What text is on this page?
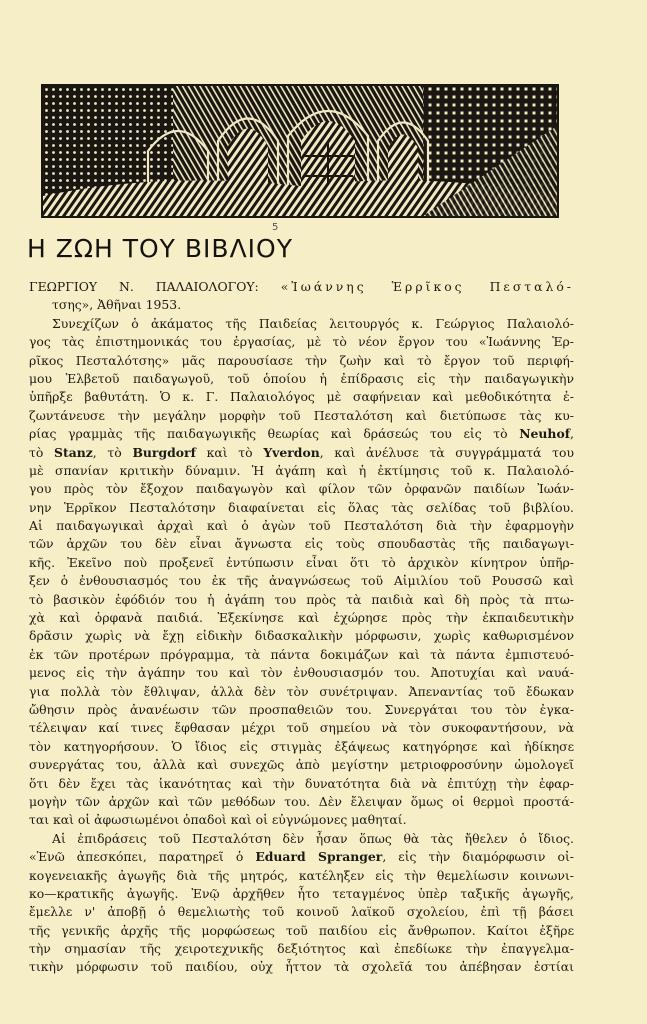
5
Η ΖΩΗ ΤΟΥ ΒΙΒΛΙΟΥ
ΓΕΩΡΓΙΟΥ Ν. ΠΑΛΑΙΟΛΟΓΟΥ: «Ἰωάννης Ἑρρῖκος Πεσταλό-
τσης», Ἀθῆναι 1953.
Συνεχίζων ὁ ἀκάματος τῆς Παιδείας λειτουργός κ. Γεώργιος Παλαιολό-
γος τὰς ἐπιστημονικάς του ἐργασίας, μὲ τὸ νέον ἔργον του «Ἰωάννης Ἑρ-
ρῖκος Πεσταλότσης» μᾶς παρουσίασε τὴν ζωὴν καὶ τὸ ἔργον τοῦ περιφή-
μου Ἐλβετοῦ παιδαγωγοῦ, τοῦ ὁποίου ἡ ἐπίδρασις εἰς τὴν παιδαγωγικὴν
ὑπῆρξε βαθυτάτη. Ὁ κ. Γ. Παλαιολόγος μὲ σαφήνειαν καὶ μεθοδικότητα ἐ-
ζωντάνευσε τὴν μεγάλην μορφὴν τοῦ Πεσταλότση καὶ διετύπωσε τὰς κυ-
ρίας γραμμὰς τῆς παιδαγωγικῆς θεωρίας καὶ δράσεώς του εἰς τὸ Neuhof,
τὸ Stanz, τὸ Burgdorf καὶ τὸ Yverdon, καὶ ἀνέλυσε τὰ συγγράμματά του
μὲ σπανίαν κριτικὴν δύναμιν. Ἡ ἀγάπη καὶ ἡ ἐκτίμησις τοῦ κ. Παλαιολό-
γου πρὸς τὸν ἔξοχον παιδαγωγὸν καὶ φίλον τῶν ὀρφανῶν παιδίων Ἰωάν-
νην Ἑρρῖκον Πεσταλότσην διαφαίνεται εἰς ὅλας τὰς σελίδας τοῦ βιβλίου.
Αἱ παιδαγωγικαὶ ἀρχαὶ καὶ ὁ ἀγὼν τοῦ Πεσταλότση διὰ τὴν ἐφαρμογὴν
τῶν ἀρχῶν του δὲν εἶναι ἄγνωστα εἰς τοὺς σπουδαστὰς τῆς παιδαγωγι-
κῆς. Ἐκεῖνο ποὺ προξενεῖ ἐντύπωσιν εἶναι ὅτι τὸ ἀρχικὸν κίνητρον ὑπῆρ-
ξεν ὁ ἐνθουσιασμός του ἐκ τῆς ἀναγνώσεως τοῦ Αἰμιλίου τοῦ Ρουσσῶ καὶ
τὸ βασικὸν ἐφόδιόν του ἡ ἀγάπη του πρὸς τὰ παιδιὰ καὶ δὴ πρὸς τὰ πτω-
χὰ καὶ ὀρφανὰ παιδιά. Ἐξεκίνησε καὶ ἐχώρησε πρὸς τὴν ἐκπαιδευτικὴν
δρᾶσιν χωρὶς νὰ ἔχῃ εἰδικὴν διδασκαλικὴν μόρφωσιν, χωρὶς καθωρισμένον
ἐκ τῶν προτέρων πρόγραμμα, τὰ πάντα δοκιμάζων καὶ τὰ πάντα ἐμπιστευό-
μενος εἰς τὴν ἀγάπην του καὶ τὸν ἐνθουσιασμόν του. Ἀποτυχίαι καὶ ναυά-
για πολλὰ τὸν ἔθλιψαν, ἀλλὰ δὲν τὸν συνέτριψαν. Ἀπεναντίας τοῦ ἔδωκαν
ὤθησιν πρὸς ἀνανέωσιν τῶν προσπαθειῶν του. Συνεργάται του τὸν ἐγκα-
τέλειψαν καί τινες ἔφθασαν μέχρι τοῦ σημείου νὰ τὸν συκοφαντήσουν, νὰ
τὸν κατηγορήσουν. Ὁ ἴδιος εἰς στιγμὰς ἐξάψεως κατηγόρησε καὶ ἠδίκησε
συνεργάτας του, ἀλλὰ καὶ συνεχῶς ἀπὸ μεγίστην μετριοφροσύνην ὡμολογεῖ
ὅτι δὲν ἔχει τὰς ἱκανότητας καὶ τὴν δυνατότητα διὰ νὰ ἐπιτύχῃ τὴν ἐφαρ-
μογὴν τῶν ἀρχῶν καὶ τῶν μεθόδων του. Δὲν ἔλειψαν ὅμως οἱ θερμοὶ προστά-
ται καὶ οἱ ἀφωσιωμένοι ὀπαδοὶ καὶ οἱ εὐγνώμονες μαθηταί.
Αἱ ἐπιδράσεις τοῦ Πεσταλότση δὲν ἦσαν ὅπως θὰ τὰς ἤθελεν ὁ ἴδιος.
«Ἐνῶ ἀπεσκόπει, παρατηρεῖ ὁ Eduard Spranger, εἰς τὴν διαμόρφωσιν οἰ-
κογενειακῆς ἀγωγῆς διὰ τῆς μητρός, κατέληξεν εἰς τὴν θεμελίωσιν κοινωνι-
κο—κρατικῆς ἀγωγῆς. Ἐνῷ ἀρχῆθεν ἦτο τεταγμένος ὑπὲρ ταξικῆς ἀγωγῆς,
ἔμελλε ν' ἀποβῇ ὁ θεμελιωτὴς τοῦ κοινοῦ λαϊκοῦ σχολείου, ἐπὶ τῇ βάσει
τῆς γενικῆς ἀρχῆς τῆς μορφώσεως τοῦ παιδίου εἰς ἄνθρωπον. Καίτοι ἐξῆρε
τὴν σημασίαν τῆς χειροτεχνικῆς δεξιότητος καὶ ἐπεδίωκε τὴν ἐπαγγελμα-
τικὴν μόρφωσιν τοῦ παιδίου, οὐχ ἧττον τὰ σχολεῖά του ἀπέβησαν ἐστίαι
